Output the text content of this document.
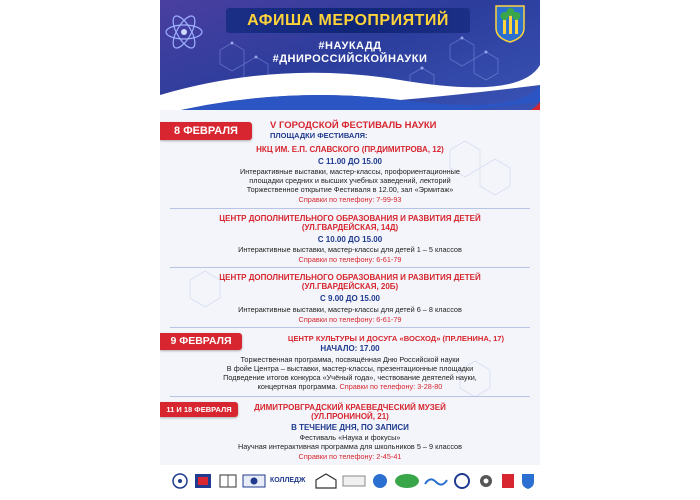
АФИША МЕРОПРИЯТИЙ
#НАУКАДД
#ДНИРОССИЙСКОЙНАУКИ
8 ФЕВРАЛЯ	V ГОРОДСКОЙ ФЕСТИВАЛЬ НАУКИ
ПЛОЩАДКИ ФЕСТИВАЛЯ:
НКЦ ИМ. Е.П. СЛАВСКОГО (ПР.ДИМИТРОВА, 12)
С 11.00 ДО 15.00
Интерактивные выставки, мастер-классы, профориентационные
площадки средних и высших учебных заведений, лекторий
Торжественное открытие Фестиваля в 12.00, зал «Эрмитаж»
Справки по телефону: 7-99-93
ЦЕНТР ДОПОЛНИТЕЛЬНОГО ОБРАЗОВАНИЯ И РАЗВИТИЯ ДЕТЕЙ
(УЛ.ГВАРДЕЙСКАЯ, 14Д)
С 10.00 ДО 15.00
Интерактивные выставки, мастер-классы для детей 1 – 5 классов
Справки по телефону: 6-61-79
ЦЕНТР ДОПОЛНИТЕЛЬНОГО ОБРАЗОВАНИЯ И РАЗВИТИЯ ДЕТЕЙ
(УЛ.ГВАРДЕЙСКАЯ, 20Б)
С 9.00 ДО 15.00
Интерактивные выставки, мастер-классы для детей 6 – 8 классов
Справки по телефону: 6-61-79
9 ФЕВРАЛЯ	ЦЕНТР КУЛЬТУРЫ И ДОСУГА «ВОСХОД» (ПР.ЛЕНИНА, 17)
НАЧАЛО: 17.00
Торжественная программа, посвящённая Дню Российской науки
В фойе Центра – выставки, мастер-классы, презентационные площадки
Подведение итогов конкурса «Учёный года», чествование деятелей науки,
концертная программа. Справки по телефону: 3-28-80
11 И 18 ФЕВРАЛЯ	ДИМИТРОВГРАДСКИЙ КРАЕВЕДЧЕСКИЙ МУЗЕЙ
(УЛ.ПРОНИНОЙ, 21)
В ТЕЧЕНИЕ ДНЯ, ПО ЗАПИСИ
Фестиваль «Наука и фокусы»
Научная интерактивная программа для школьников 5 – 9 классов
Справки по телефону: 2-45-41
КОЛЛЕДЖ
